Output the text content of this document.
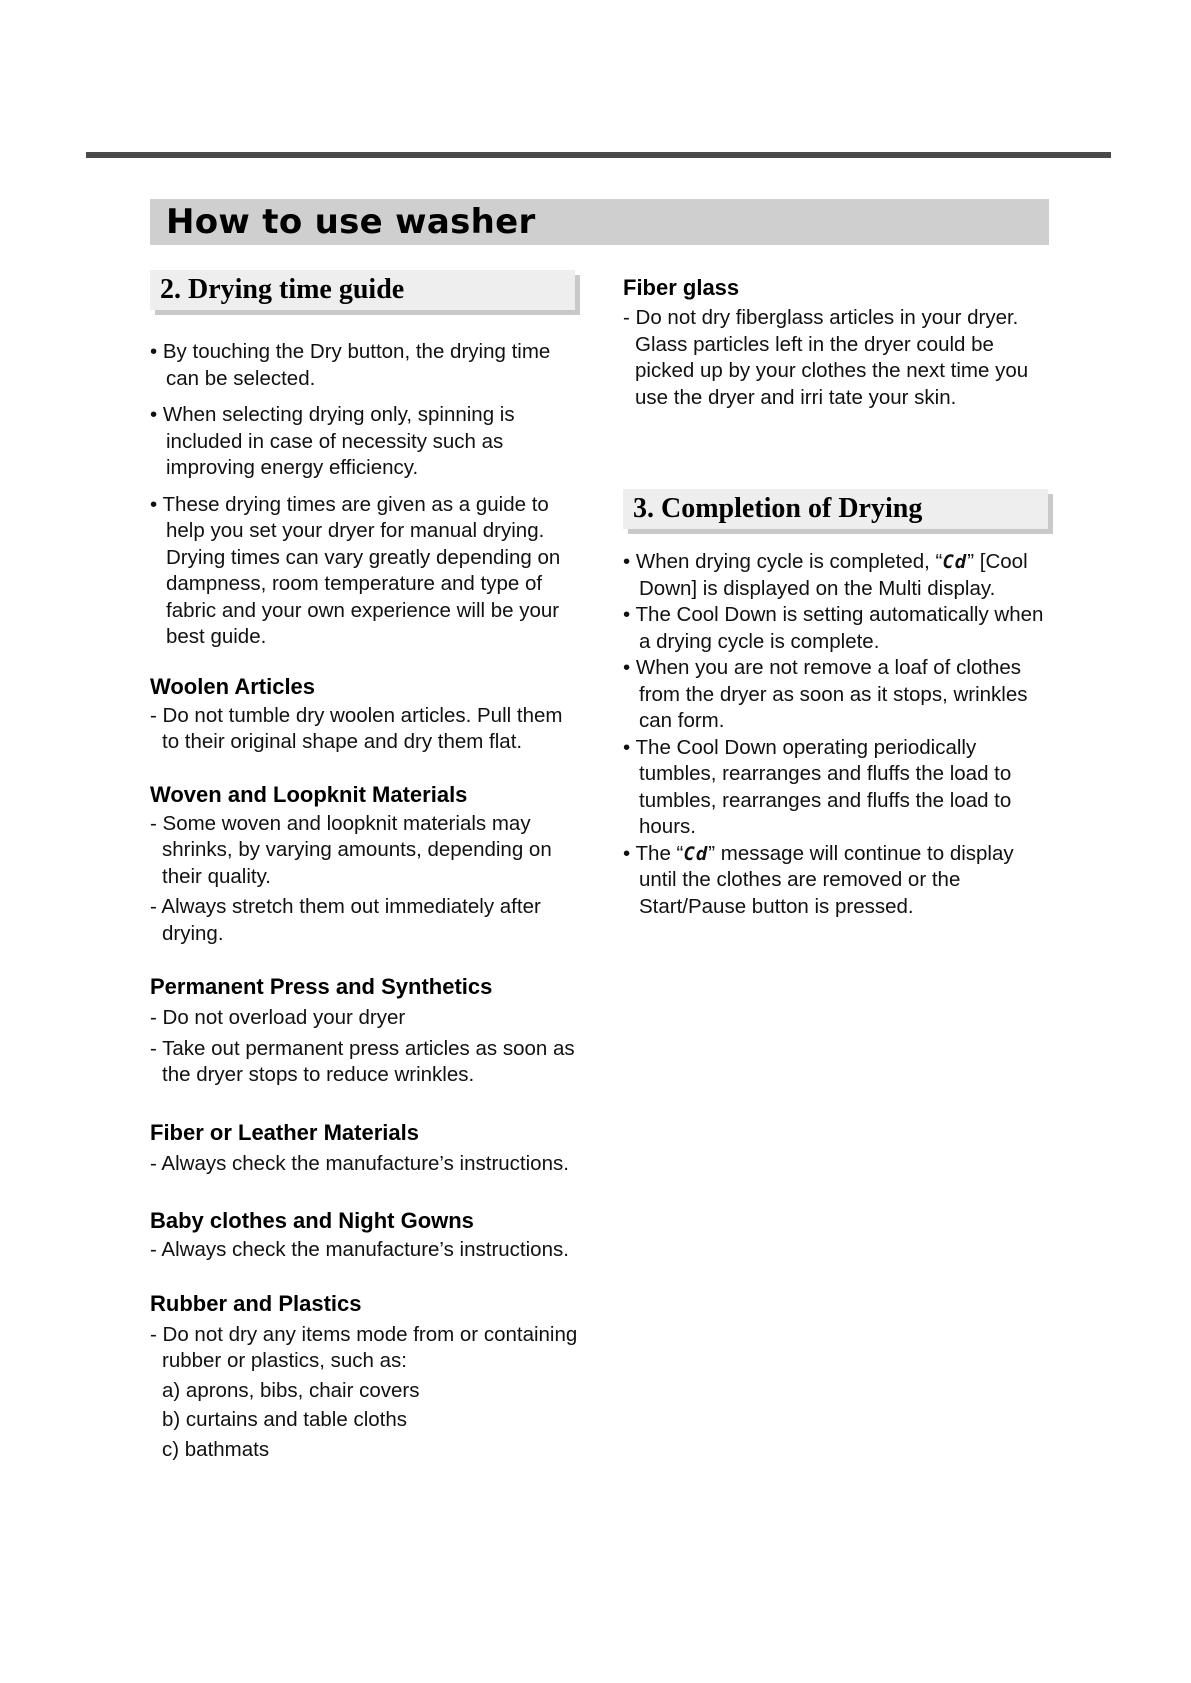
How to use washer
2. Drying time guide

• By touching the Dry button, the drying time can be selected.

• When selecting drying only, spinning is included in case of necessity such as improving energy efficiency.

• These drying times are given as a guide to help you set your dryer for manual drying. Drying times can vary greatly depending on dampness, room temperature and type of fabric and your own experience will be your best guide.

Woolen Articles

- Do not tumble dry woolen articles. Pull them to their original shape and dry them flat.

Woven and Loopknit Materials

- Some woven and loopknit materials may shrinks, by varying amounts, depending on their quality.

- Always stretch them out immediately after drying.

Permanent Press and Synthetics

- Do not overload your dryer

- Take out permanent press articles as soon as the dryer stops to reduce wrinkles.

Fiber or Leather Materials

- Always check the manufacture’s instructions.

Baby clothes and Night Gowns

- Always check the manufacture’s instructions.

Rubber and Plastics

- Do not dry any items mode from or containing rubber or plastics, such as:

a) aprons, bibs, chair covers

b) curtains and table cloths

c) bathmats

Fiber glass

- Do not dry fiberglass articles in your dryer. Glass particles left in the dryer could be picked up by your clothes the next time you use the dryer and irri tate your skin.

3. Completion of Drying

• When drying cycle is completed, “Cd” [Cool Down] is displayed on the Multi display.

• The Cool Down is setting automatically when a drying cycle is complete.

• When you are not remove a loaf of clothes from the dryer as soon as it stops, wrinkles can form.

• The Cool Down operating periodically tumbles, rearranges and fluffs the load to tumbles, rearranges and fluffs the load to hours.

• The “Cd” message will continue to display until the clothes are removed or the Start/Pause button is pressed.
